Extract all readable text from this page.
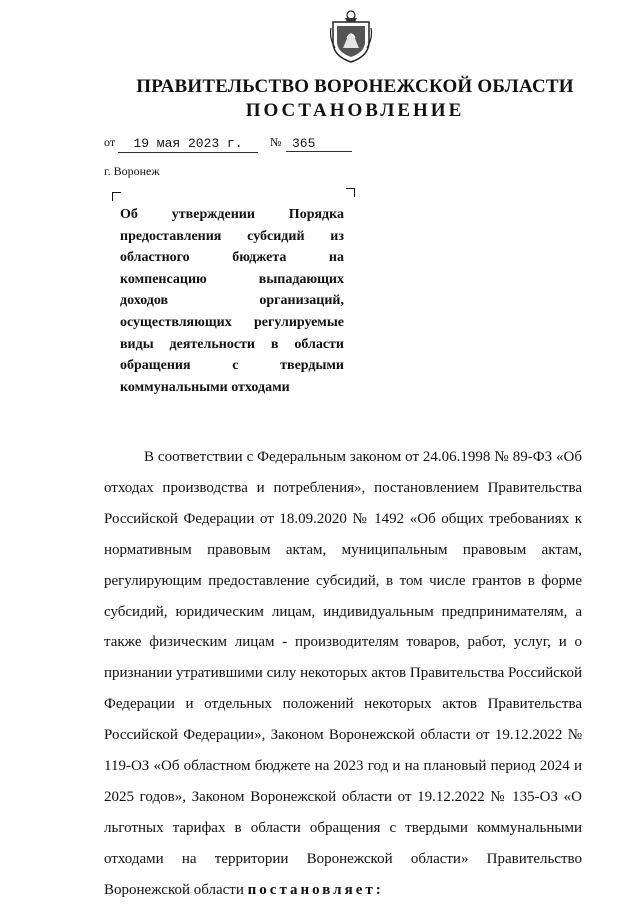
ПРАВИТЕЛЬСТВО ВОРОНЕЖСКОЙ ОБЛАСТИ
ПОСТАНОВЛЕНИЕ
от	19 мая 2023 г.	№ 365
г. Воронеж
Об утверждении Порядка предоставления субсидий из областного бюджета на компенсацию выпадающих доходов организаций, осуществляющих регулируемые виды деятельности в области обращения с твердыми коммунальными отходами
В соответствии с Федеральным законом от 24.06.1998 № 89-ФЗ «Об отходах производства и потребления», постановлением Правительства Российской Федерации от 18.09.2020 № 1492 «Об общих требованиях к нормативным правовым актам, муниципальным правовым актам, регулирующим предоставление субсидий, в том числе грантов в форме субсидий, юридическим лицам, индивидуальным предпринимателям, а также физическим лицам - производителям товаров, работ, услуг, и о признании утратившими силу некоторых актов Правительства Российской Федерации и отдельных положений некоторых актов Правительства Российской Федерации», Законом Воронежской области от 19.12.2022 № 119-ОЗ «Об областном бюджете на 2023 год и на плановый период 2024 и 2025 годов», Законом Воронежской области от 19.12.2022 № 135-ОЗ «О льготных тарифах в области обращения с твердыми коммунальными отходами на территории Воронежской области» Правительство Воронежской области постановляет:
